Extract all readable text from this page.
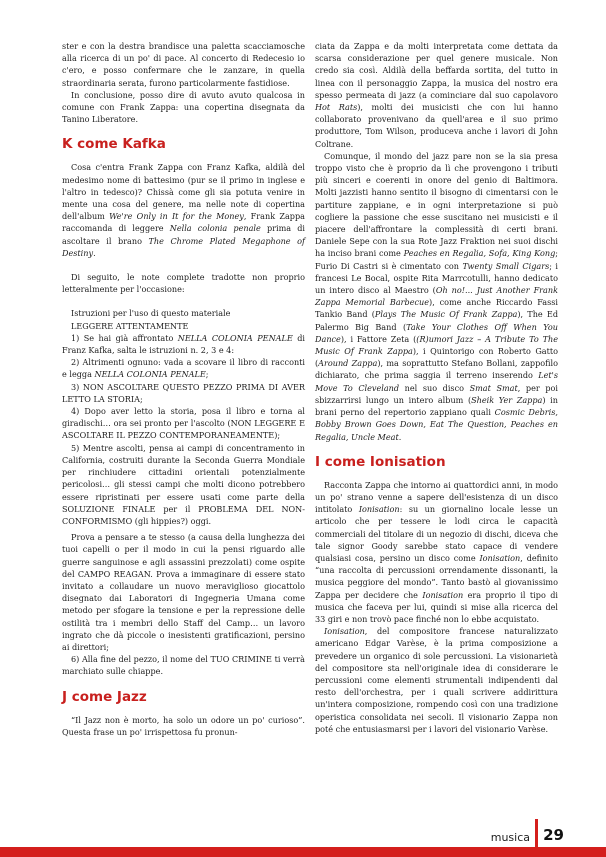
ster e con la destra brandisce una paletta scacciamosche alla ricerca di un po' di pace. Al concerto di Redecesio io c'ero, e posso confermare che le zanzare, in quella straordinaria serata, furono particolarmente fastidiose.

In conclusione, posso dire di avuto avuto qualcosa in comune con Frank Zappa: una copertina disegnata da Tanino Liberatore.

K come Kafka

Cosa c'entra Frank Zappa con Franz Kafka, aldilà del medesimo nome di battesimo (pur se il primo in inglese e l'altro in tedesco)? Chissà come gli sia potuta venire in mente una cosa del genere, ma nelle note di copertina dell'album We're Only in It for the Money, Frank Zappa raccomanda di leggere Nella colonia penale prima di ascoltare il brano The Chrome Plated Megaphone of Destiny.

Di seguito, le note complete tradotte non proprio letteralmente per l'occasione:

Istruzioni per l'uso di questo materiale

LEGGERE ATTENTAMENTE

1) Se hai già affrontato NELLA COLONIA PENALE di Franz Kafka, salta le istruzioni n. 2, 3 e 4:

2) Altrimenti ognuno: vada a scovare il libro di racconti e legga NELLA COLONIA PENALE;

3) NON ASCOLTARE QUESTO PEZZO PRIMA DI AVER LETTO LA STORIA;

4) Dopo aver letto la storia, posa il libro e torna al giradischi… ora sei pronto per l'ascolto (NON LEGGERE E ASCOLTARE IL PEZZO CONTEMPORANEAMENTE);

5) Mentre ascolti, pensa ai campi di concentramento in California, costruiti durante la Seconda Guerra Mondiale per rinchiudere cittadini orientali potenzialmente pericolosi… gli stessi campi che molti dicono potrebbero essere ripristinati per essere usati come parte della SOLUZIONE FINALE per il PROBLEMA DEL NON-CONFORMISMO (gli hippies?) oggi.

Prova a pensare a te stesso (a causa della lunghezza dei tuoi capelli o per il modo in cui la pensi riguardo alle guerre sanguinose e agli assassini prezzolati) come ospite del CAMPO REAGAN. Prova a immaginare di essere stato invitato a collaudare un nuovo meraviglioso giocattolo disegnato dai Laboratori di Ingegneria Umana come metodo per sfogare la tensione e per la repressione delle ostilità tra i membri dello Staff del Camp… un lavoro ingrato che dà piccole o inesistenti gratificazioni, persino ai direttori;

6) Alla fine del pezzo, il nome del TUO CRIMINE ti verrà marchiato sulle chiappe.

J come Jazz

“Il Jazz non è morto, ha solo un odore un po' curioso”. Questa frase un po' irrispettosa fu pronun-

ciata da Zappa e da molti interpretata come dettata da scarsa considerazione per quel genere musicale. Non credo sia così. Aldilà della beffarda sortita, del tutto in linea con il personaggio Zappa, la musica del nostro era spesso permeata di jazz (a cominciare dal suo capolavoro Hot Rats), molti dei musicisti che con lui hanno collaborato provenivano da quell'area e il suo primo produttore, Tom Wilson, produceva anche i lavori di John Coltrane.

Comunque, il mondo del jazz pare non se la sia presa troppo visto che è proprio da lì che provengono i tributi più sinceri e coerenti in onore del genio di Baltimora. Molti jazzisti hanno sentito il bisogno di cimentarsi con le partiture zappiane, e in ogni interpretazione si può cogliere la passione che esse suscitano nei musicisti e il piacere dell'affrontare la complessità di certi brani. Daniele Sepe con la sua Rote Jazz Fraktion nei suoi dischi ha inciso brani come Peaches en Regalia, Sofa, King Kong; Furio Di Castri si è cimentato con Twenty Small Cigars; i francesi Le Bocal, ospite Rita Marrcotulli, hanno dedicato un intero disco al Maestro (Oh no!... Just Another Frank Zappa Memorial Barbecue), come anche Riccardo Fassi Tankio Band (Plays The Music Of Frank Zappa), The Ed Palermo Big Band (Take Your Clothes Off When You Dance), i Fattore Zeta ((R)umori Jazz – A Tribute To The Music Of Frank Zappa), i Quintorigo con Roberto Gatto (Around Zappa), ma soprattutto Stefano Bollani, zappofilo dichiarato, che prima saggia il terreno inserendo Let's Move To Cleveland nel suo disco Smat Smat, per poi sbizzarrirsi lungo un intero album (Sheik Yer Zappa) in brani perno del repertorio zappiano quali Cosmic Debris, Bobby Brown Goes Down, Eat The Question, Peaches en Regalia, Uncle Meat.

I come Ionisation

Racconta Zappa che intorno ai quattordici anni, in modo un po' strano venne a sapere dell'esistenza di un disco intitolato Ionisation: su un giornalino locale lesse un articolo che per tessere le lodi circa le capacità commerciali del titolare di un negozio di dischi, diceva che tale signor Goody sarebbe stato capace di vendere qualsiasi cosa, persino un disco come Ionisation, definito “una raccolta di percussioni orrendamente dissonanti, la musica peggiore del mondo”. Tanto bastò al giovanissimo Zappa per decidere che Ionisation era proprio il tipo di musica che faceva per lui, quindi si mise alla ricerca del 33 giri e non trovò pace finché non lo ebbe acquistato.

Ionisation, del compositore francese naturalizzato americano Edgar Varèse, è la prima composizione a prevedere un organico di sole percussioni. La visionarietà del compositore sta nell'originale idea di considerare le percussioni come elementi strumentali indipendenti dal resto dell'orchestra, per i quali scrivere addirittura un'intera composizione, rompendo così con una tradizione operistica consolidata nei secoli. Il visionario Zappa non poté che entusiasmarsi per i lavori del visionario Varèse.

musica 29
